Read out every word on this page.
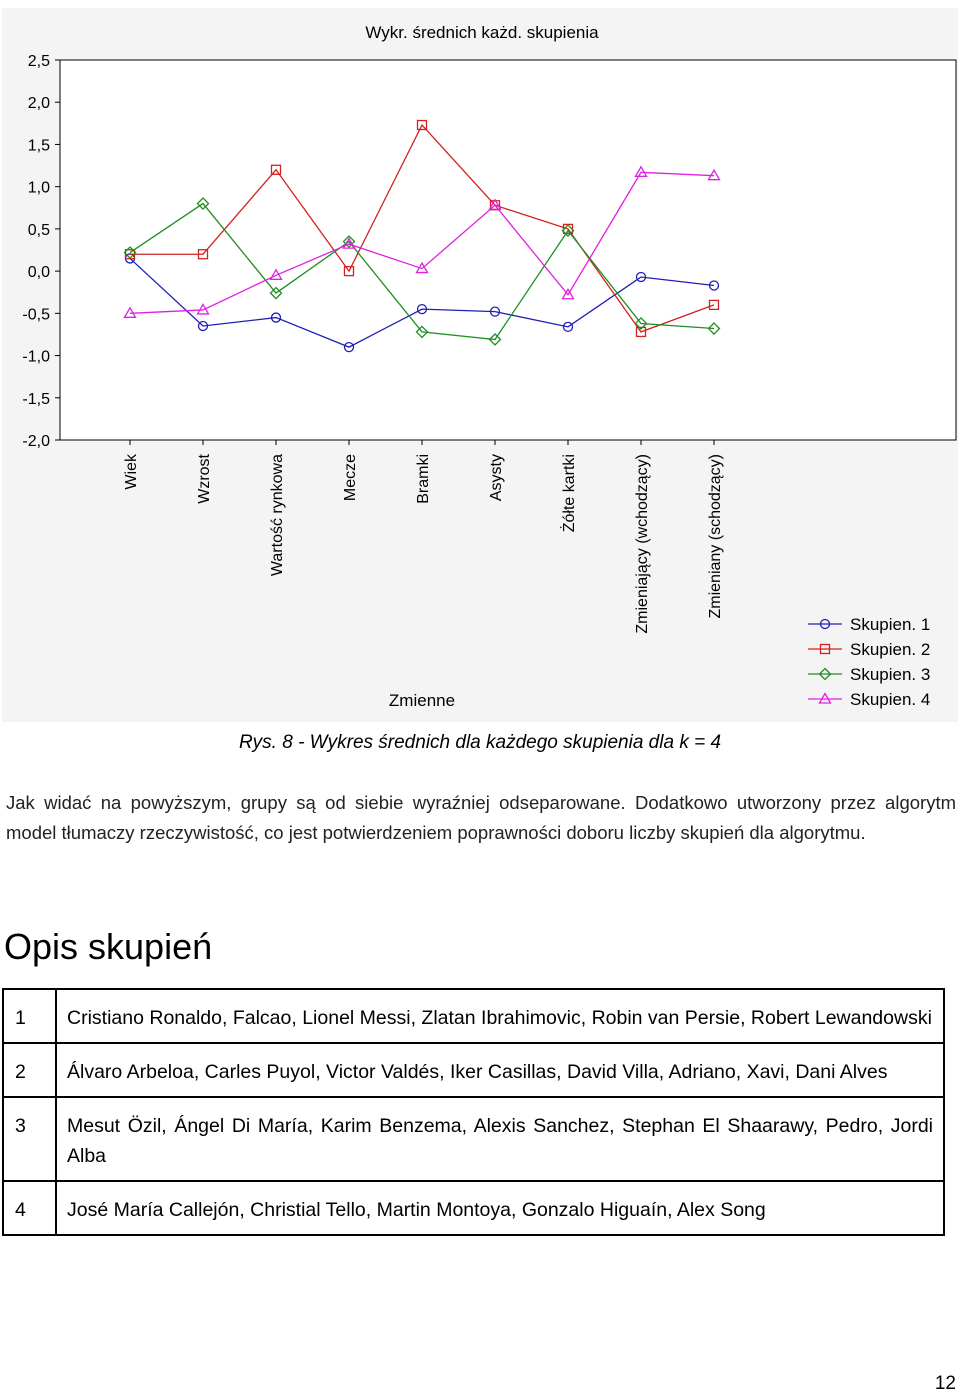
Wykr. średnich każd. skupienia
2,5
2,0
1,5
1,0
0,5
0,0
-0,5
-1,0
-1,5
-2,0
Wiek	Wzrost	Wartość rynkowa	Mecze	Bramki	Asysty	Żółte kartki	Zmieniający (wchodzący)	Zmieniany (schodzący)
Zmienne
Skupien. 1
Skupien. 2
Skupien. 3
Skupien. 4
Rys. 8 - Wykres średnich dla każdego skupienia dla k = 4
Jak widać na powyższym, grupy są od siebie wyraźniej odseparowane. Dodatkowo utworzony przez algorytm model tłumaczy rzeczywistość, co jest potwierdzeniem poprawności doboru liczby skupień dla algorytmu.
Opis skupień
1	Cristiano Ronaldo, Falcao, Lionel Messi, Zlatan Ibrahimovic, Robin van Persie, Robert Lewandowski
2	Álvaro Arbeloa, Carles Puyol, Victor Valdés, Iker Casillas, David Villa, Adriano, Xavi, Dani Alves
3	Mesut Özil, Ángel Di María, Karim Benzema, Alexis Sanchez, Stephan El Shaarawy, Pedro, Jordi Alba
4	José María Callejón, Christial Tello, Martin Montoya, Gonzalo Higuaín, Alex Song
12
